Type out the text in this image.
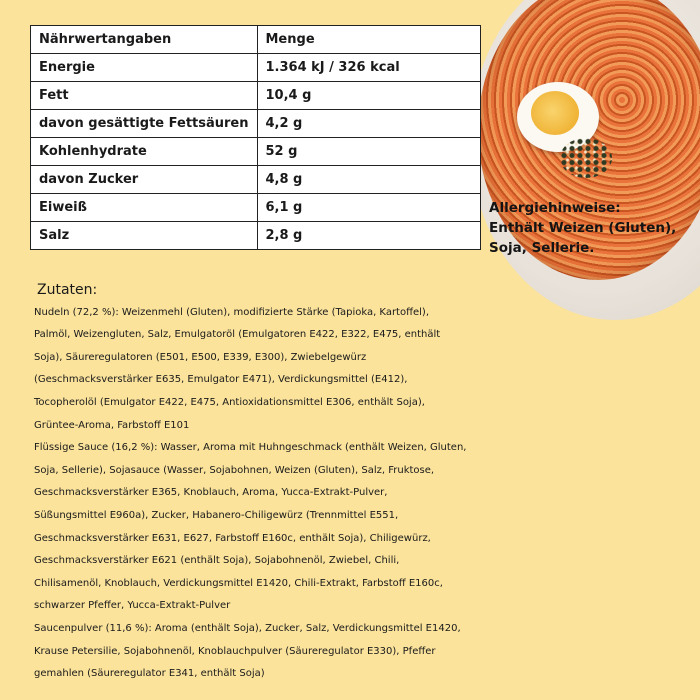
Nährwertangaben	Menge
Energie	1.364 kJ / 326 kcal
Fett	10,4 g
davon gesättigte Fettsäuren	4,2 g
Kohlenhydrate	52 g
davon Zucker	4,8 g
Eiweiß	6,1 g
Salz	2,8 g
Allergiehinweise:
Enthält Weizen (Gluten),
Soja, Sellerie.
Zutaten:
Nudeln (72,2 %): Weizenmehl (Gluten), modifizierte Stärke (Tapioka, Kartoffel),
Palmöl, Weizengluten, Salz, Emulgatoröl (Emulgatoren E422, E322, E475, enthält
Soja), Säureregulatoren (E501, E500, E339, E300), Zwiebelgewürz
(Geschmacksverstärker E635, Emulgator E471), Verdickungsmittel (E412),
Tocopherolöl (Emulgator E422, E475, Antioxidationsmittel E306, enthält Soja),
Grüntee-Aroma, Farbstoff E101
Flüssige Sauce (16,2 %): Wasser, Aroma mit Huhngeschmack (enthält Weizen, Gluten,
Soja, Sellerie), Sojasauce (Wasser, Sojabohnen, Weizen (Gluten), Salz, Fruktose,
Geschmacksverstärker E365, Knoblauch, Aroma, Yucca-Extrakt-Pulver,
Süßungsmittel E960a), Zucker, Habanero-Chiligewürz (Trennmittel E551,
Geschmacksverstärker E631, E627, Farbstoff E160c, enthält Soja), Chiligewürz,
Geschmacksverstärker E621 (enthält Soja), Sojabohnenöl, Zwiebel, Chili,
Chilisamenöl, Knoblauch, Verdickungsmittel E1420, Chili-Extrakt, Farbstoff E160c,
schwarzer Pfeffer, Yucca-Extrakt-Pulver
Saucenpulver (11,6 %): Aroma (enthält Soja), Zucker, Salz, Verdickungsmittel E1420,
Krause Petersilie, Sojabohnenöl, Knoblauchpulver (Säureregulator E330), Pfeffer
gemahlen (Säureregulator E341, enthält Soja)
